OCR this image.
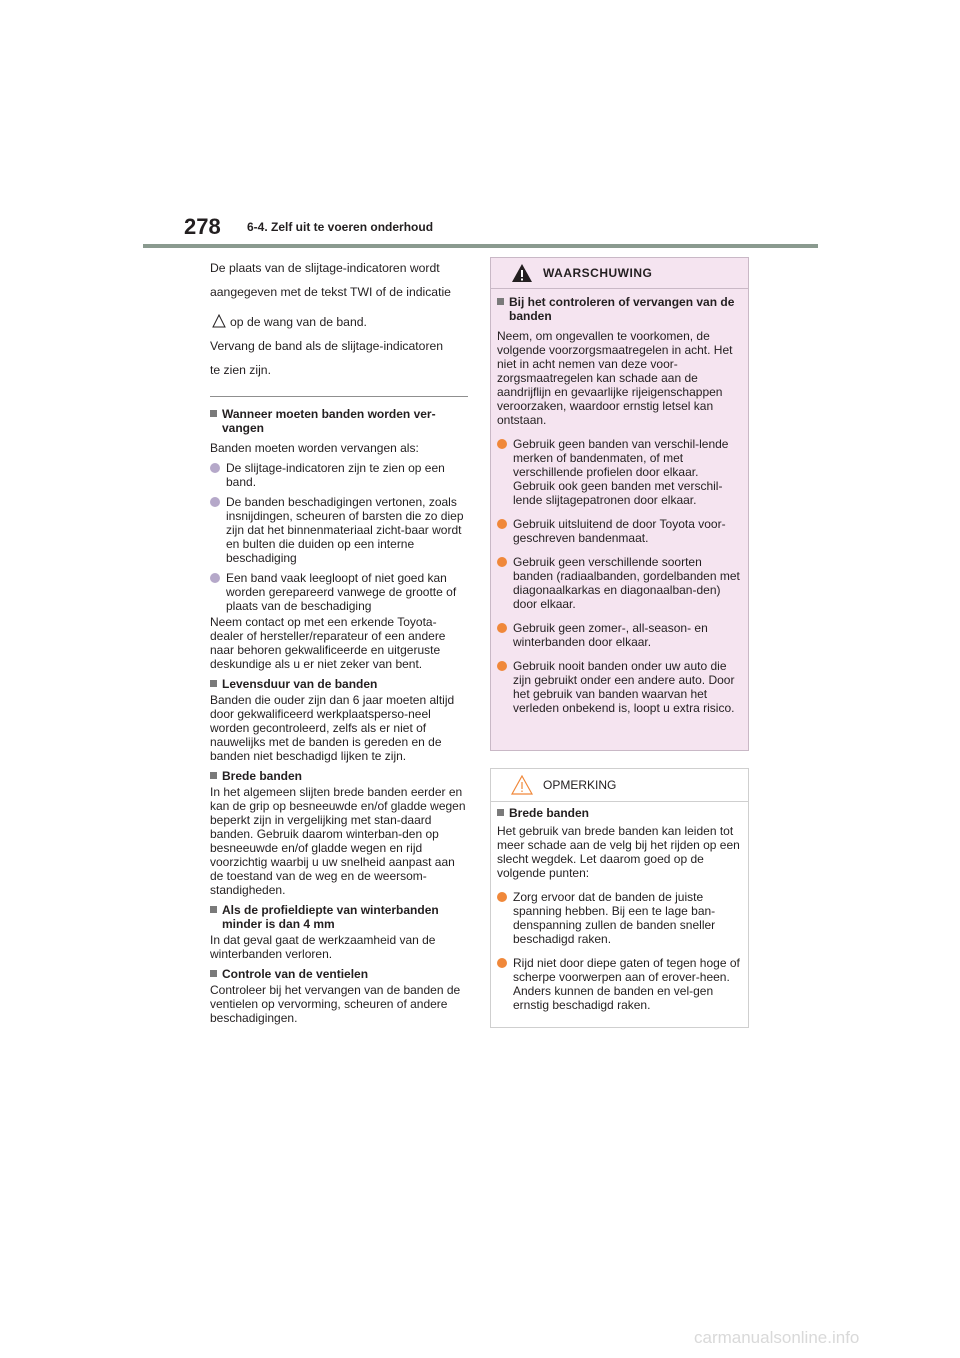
278 6-4. Zelf uit te voeren onderhoud

De plaats van de slijtage-indicatoren wordt

aangegeven met de tekst TWI of de indicatie

op de wang van de band.

Vervang de band als de slijtage-indicatoren

te zien zijn.

Wanneer moeten banden worden ver-vangen

Banden moeten worden vervangen als:

De slijtage-indicatoren zijn te zien op een band.

De banden beschadigingen vertonen, zoals insnijdingen, scheuren of barsten die zo diep zijn dat het binnenmateriaal zicht-baar wordt en bulten die duiden op een interne beschadiging

Een band vaak leegloopt of niet goed kan worden gerepareerd vanwege de grootte of plaats van de beschadiging

Neem contact op met een erkende Toyota-dealer of hersteller/reparateur of een andere naar behoren gekwalificeerde en uitgeruste deskundige als u er niet zeker van bent.

Levensduur van de banden

Banden die ouder zijn dan 6 jaar moeten altijd door gekwalificeerd werkplaatsperso-neel worden gecontroleerd, zelfs als er niet of nauwelijks met de banden is gereden en de banden niet beschadigd lijken te zijn.

Brede banden

In het algemeen slijten brede banden eerder en kan de grip op besneeuwde en/of gladde wegen beperkt zijn in vergelijking met stan-daard banden. Gebruik daarom winterban-den op besneeuwde en/of gladde wegen en rijd voorzichtig waarbij u uw snelheid aanpast aan de toestand van de weg en de weersom-standigheden.

Als de profieldiepte van winterbanden minder is dan 4 mm

In dat geval gaat de werkzaamheid van de winterbanden verloren.

Controle van de ventielen

Controleer bij het vervangen van de banden de ventielen op vervorming, scheuren of andere beschadigingen.

WAARSCHUWING

Bij het controleren of vervangen van de banden

Neem, om ongevallen te voorkomen, de volgende voorzorgsmaatregelen in acht. Het niet in acht nemen van deze voor-zorgsmaatregelen kan schade aan de aandrijflijn en gevaarlijke rijeigenschappen veroorzaken, waardoor ernstig letsel kan ontstaan.

Gebruik geen banden van verschil-lende merken of bandenmaten, of met verschillende profielen door elkaar. Gebruik ook geen banden met verschil-lende slijtagepatronen door elkaar.

Gebruik uitsluitend de door Toyota voor-geschreven bandenmaat.

Gebruik geen verschillende soorten banden (radiaalbanden, gordelbanden met diagonaalkarkas en diagonaalban-den) door elkaar.

Gebruik geen zomer-, all-season- en winterbanden door elkaar.

Gebruik nooit banden onder uw auto die zijn gebruikt onder een andere auto. Door het gebruik van banden waarvan het verleden onbekend is, loopt u extra risico.

OPMERKING

Brede banden

Het gebruik van brede banden kan leiden tot meer schade aan de velg bij het rijden op een slecht wegdek. Let daarom goed op de volgende punten:

Zorg ervoor dat de banden de juiste spanning hebben. Bij een te lage ban-denspanning zullen de banden sneller beschadigd raken.

Rijd niet door diepe gaten of tegen hoge of scherpe voorwerpen aan of erover-heen. Anders kunnen de banden en vel-gen ernstig beschadigd raken.

carmanualsonline.info
